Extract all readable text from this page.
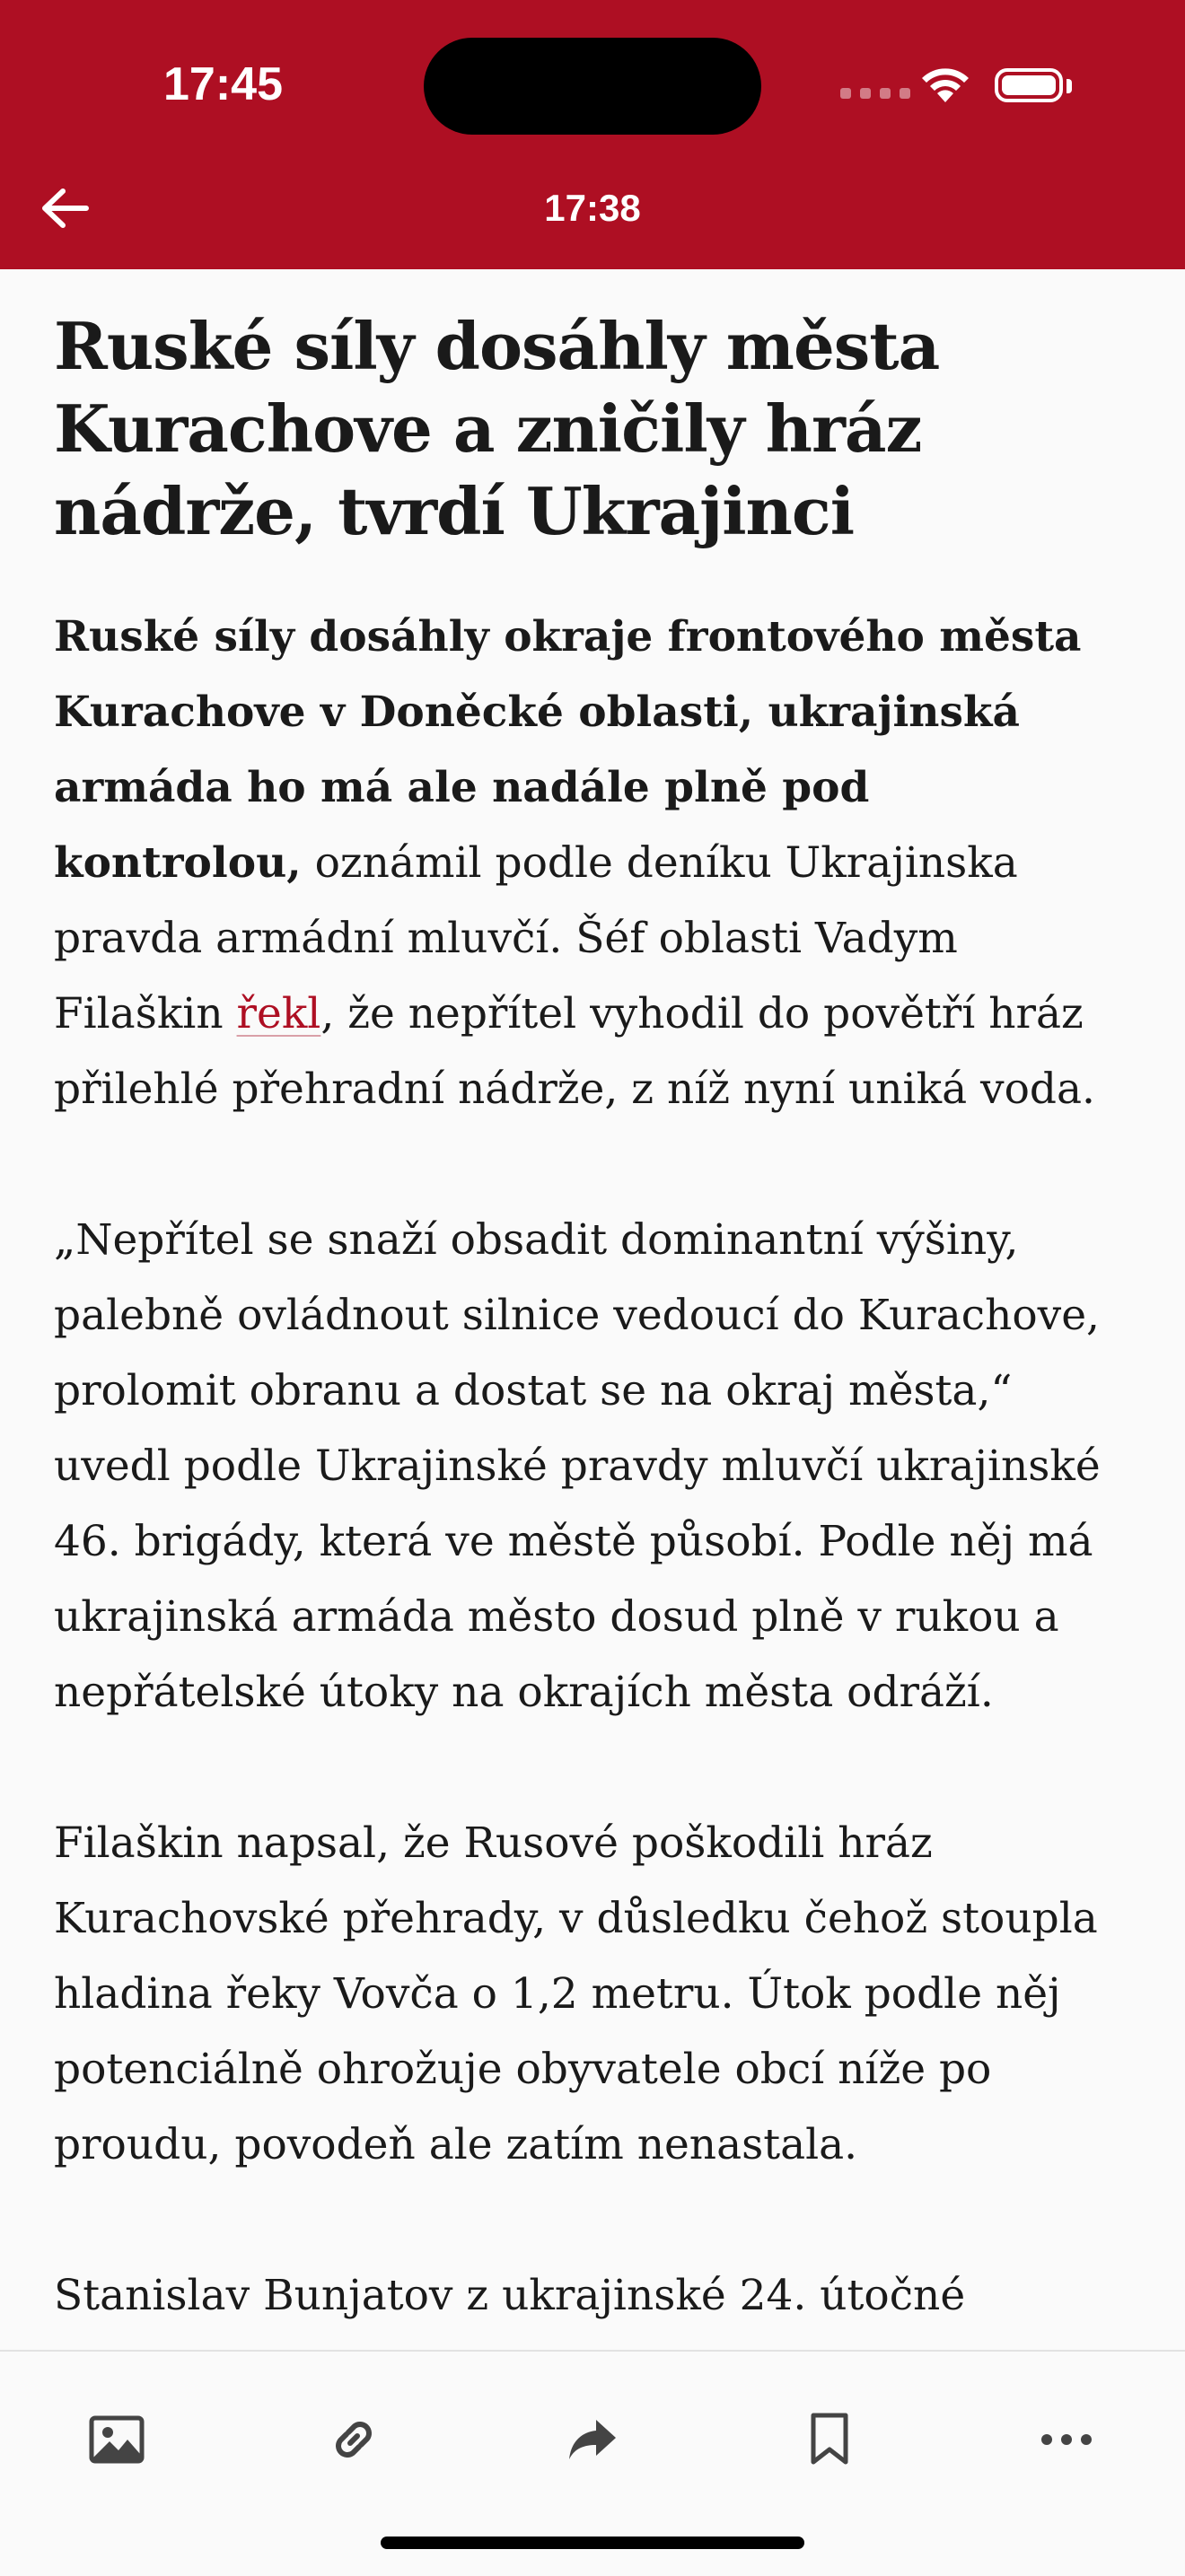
17:45
17:38
Ruské síly dosáhly města Kurachove a zničily hráz nádrže, tvrdí Ukrajinci

Ruské síly dosáhly okraje frontového města Kurachove v Doněcké oblasti, ukrajinská armáda ho má ale nadále plně pod kontrolou, oznámil podle deníku Ukrajinska pravda armádní mluvčí. Šéf oblasti Vadym Filaškin řekl, že nepřítel vyhodil do povětří hráz přilehlé přehradní nádrže, z níž nyní uniká voda.

„Nepřítel se snaží obsadit dominantní výšiny, palebně ovládnout silnice vedoucí do Kurachove, prolomit obranu a dostat se na okraj města,“ uvedl podle Ukrajinské pravdy mluvčí ukrajinské 46. brigády, která ve městě působí. Podle něj má ukrajinská armáda město dosud plně v rukou a nepřátelské útoky na okrajích města odráží.

Filaškin napsal, že Rusové poškodili hráz Kurachovské přehrady, v důsledku čehož stoupla hladina řeky Vovča o 1,2 metru. Útok podle něj potenciálně ohrožuje obyvatele obcí níže po proudu, povodeň ale zatím nenastala.

Stanislav Bunjatov z ukrajinské 24. útočné
